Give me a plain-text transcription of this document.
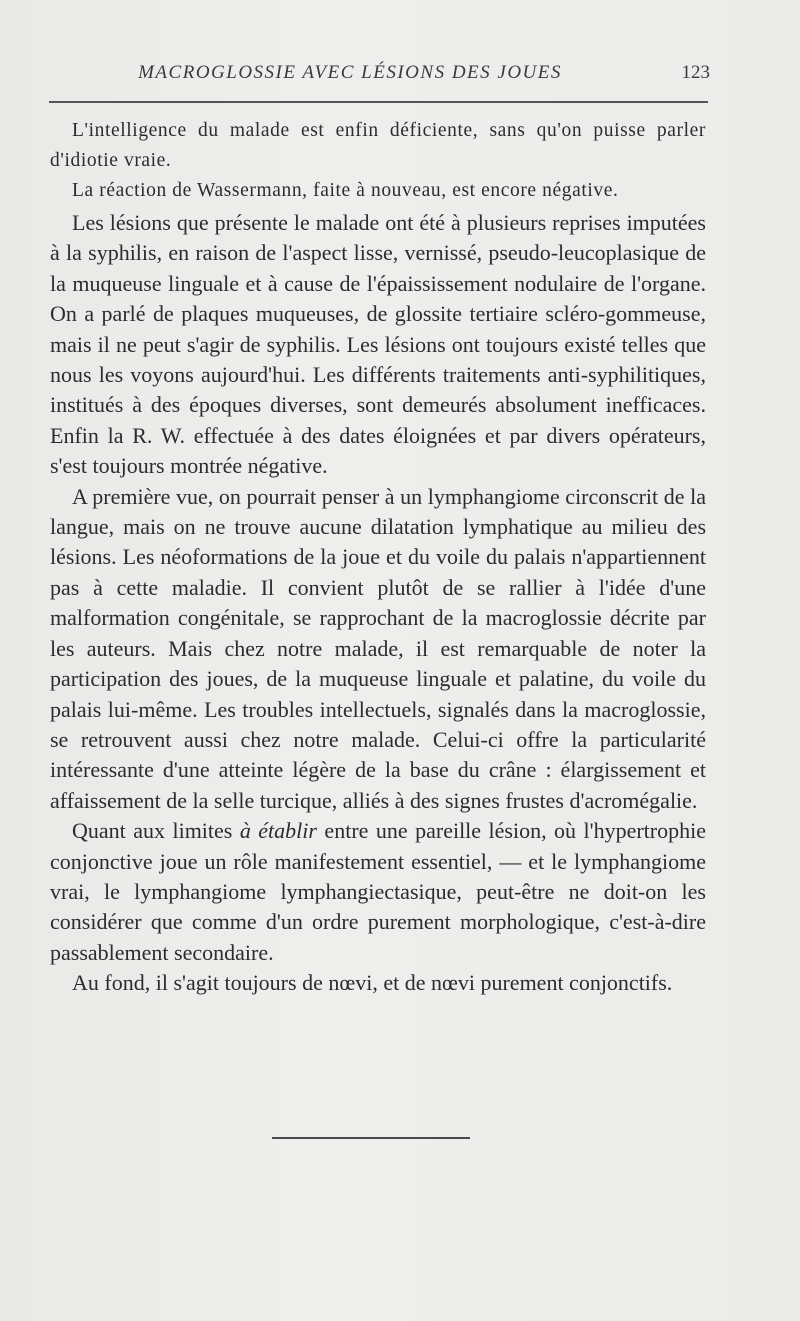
MACROGLOSSIE AVEC LÉSIONS DES JOUES	123

L'intelligence du malade est enfin déficiente, sans qu'on puisse parler d'idiotie vraie.

La réaction de Wassermann, faite à nouveau, est encore négative.

Les lésions que présente le malade ont été à plusieurs reprises imputées à la syphilis, en raison de l'aspect lisse, vernissé, pseudo-leucoplasique de la muqueuse linguale et à cause de l'épaississement nodulaire de l'organe. On a parlé de plaques muqueuses, de glossite tertiaire scléro-gommeuse, mais il ne peut s'agir de syphilis. Les lésions ont toujours existé telles que nous les voyons aujourd'hui. Les différents traitements anti-syphilitiques, institués à des époques diverses, sont demeurés absolument inefficaces. Enfin la R. W. effectuée à des dates éloignées et par divers opérateurs, s'est toujours montrée négative.

A première vue, on pourrait penser à un lymphangiome circonscrit de la langue, mais on ne trouve aucune dilatation lymphatique au milieu des lésions. Les néoformations de la joue et du voile du palais n'appartiennent pas à cette maladie. Il convient plutôt de se rallier à l'idée d'une malformation congénitale, se rapprochant de la macroglossie décrite par les auteurs. Mais chez notre malade, il est remarquable de noter la participation des joues, de la muqueuse linguale et palatine, du voile du palais lui-même. Les troubles intellectuels, signalés dans la macroglossie, se retrouvent aussi chez notre malade. Celui-ci offre la particularité intéressante d'une atteinte légère de la base du crâne : élargissement et affaissement de la selle turcique, alliés à des signes frustes d'acromégalie.

Quant aux limites à établir entre une pareille lésion, où l'hypertrophie conjonctive joue un rôle manifestement essentiel, — et le lymphangiome vrai, le lymphangiome lymphangiectasique, peut-être ne doit-on les considérer que comme d'un ordre purement morphologique, c'est-à-dire passablement secondaire.

Au fond, il s'agit toujours de nœvi, et de nœvi purement conjonctifs.
